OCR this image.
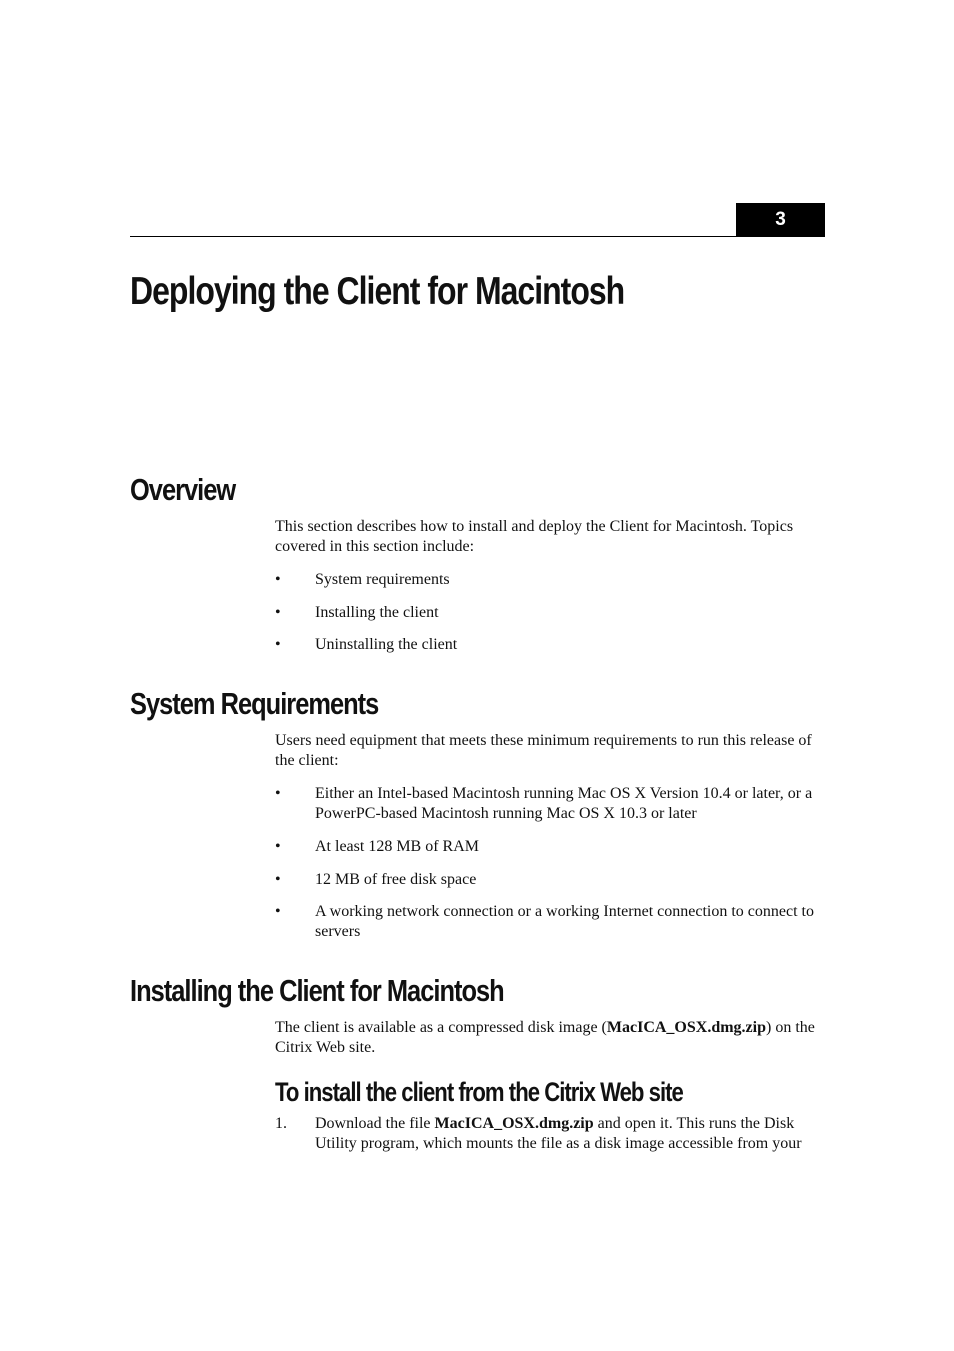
3
Deploying the Client for Macintosh
Overview

This section describes how to install and deploy the Client for Macintosh. Topics covered in this section include:

• System requirements
• Installing the client
• Uninstalling the client
System Requirements

Users need equipment that meets these minimum requirements to run this release of the client:

• Either an Intel-based Macintosh running Mac OS X Version 10.4 or later, or a PowerPC-based Macintosh running Mac OS X 10.3 or later
• At least 128 MB of RAM
• 12 MB of free disk space
• A working network connection or a working Internet connection to connect to servers
Installing the Client for Macintosh

The client is available as a compressed disk image (MacICA_OSX.dmg.zip) on the Citrix Web site.

To install the client from the Citrix Web site
1. Download the file MacICA_OSX.dmg.zip and open it. This runs the Disk Utility program, which mounts the file as a disk image accessible from your
